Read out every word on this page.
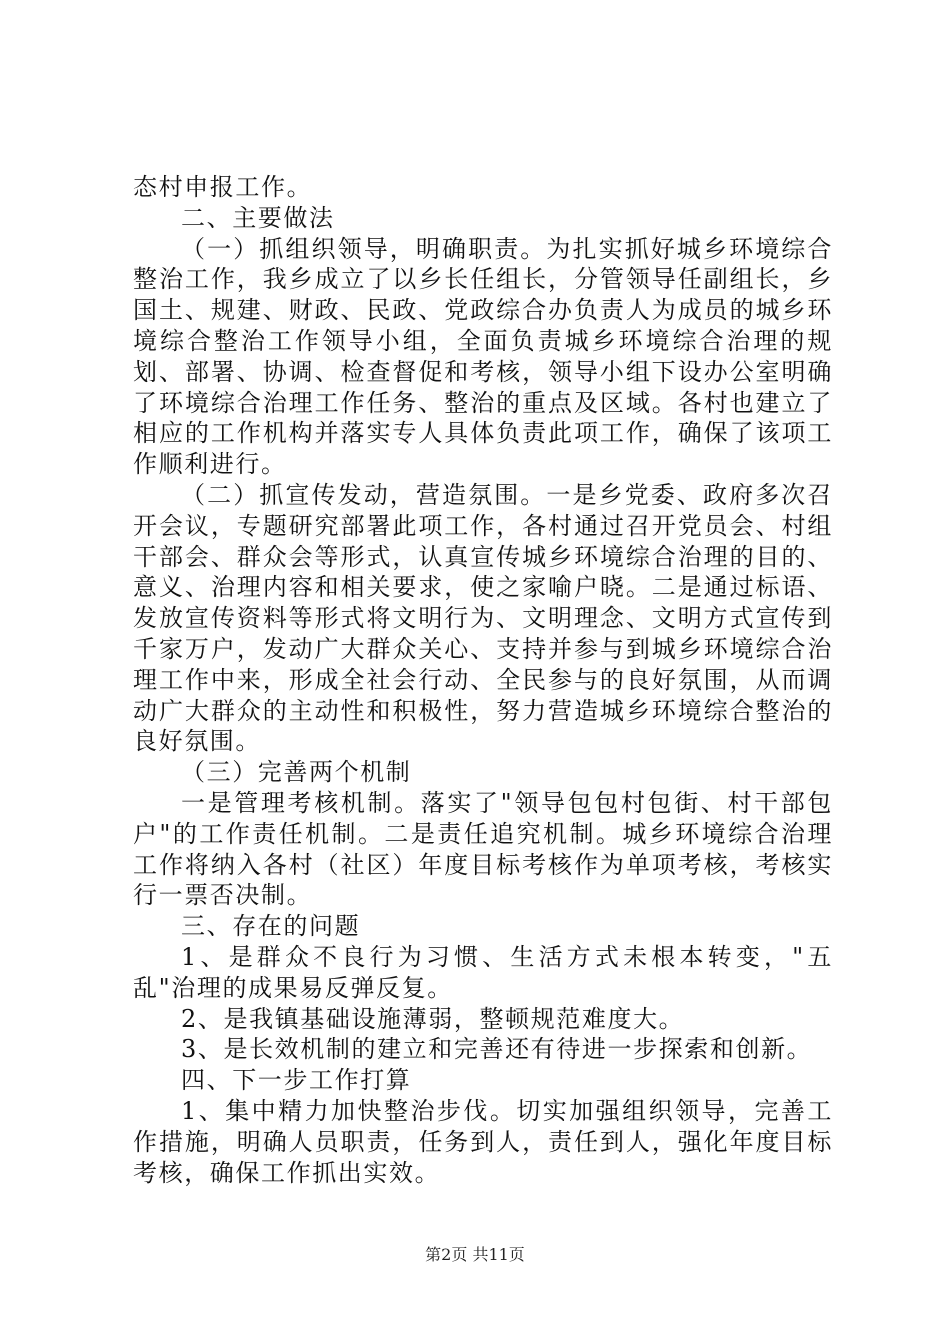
态村申报工作。

二、主要做法

（一）抓组织领导，明确职责。为扎实抓好城乡环境综合整治工作，我乡成立了以乡长任组长，分管领导任副组长，乡国土、规建、财政、民政、党政综合办负责人为成员的城乡环境综合整治工作领导小组，全面负责城乡环境综合治理的规划、部署、协调、检查督促和考核，领导小组下设办公室明确了环境综合治理工作任务、整治的重点及区域。各村也建立了相应的工作机构并落实专人具体负责此项工作，确保了该项工作顺利进行。

（二）抓宣传发动，营造氛围。一是乡党委、政府多次召开会议，专题研究部署此项工作，各村通过召开党员会、村组干部会、群众会等形式，认真宣传城乡环境综合治理的目的、意义、治理内容和相关要求，使之家喻户晓。二是通过标语、发放宣传资料等形式将文明行为、文明理念、文明方式宣传到千家万户，发动广大群众关心、支持并参与到城乡环境综合治理工作中来，形成全社会行动、全民参与的良好氛围，从而调动广大群众的主动性和积极性，努力营造城乡环境综合整治的良好氛围。

（三）完善两个机制

一是管理考核机制。落实了"领导包包村包街、村干部包户"的工作责任机制。二是责任追究机制。城乡环境综合治理工作将纳入各村（社区）年度目标考核作为单项考核，考核实行一票否决制。

三、存在的问题

1、是群众不良行为习惯、生活方式未根本转变，"五乱"治理的成果易反弹反复。

2、是我镇基础设施薄弱，整顿规范难度大。

3、是长效机制的建立和完善还有待进一步探索和创新。

四、下一步工作打算

1、集中精力加快整治步伐。切实加强组织领导，完善工作措施，明确人员职责，任务到人，责任到人，强化年度目标考核，确保工作抓出实效。

第2页 共11页
